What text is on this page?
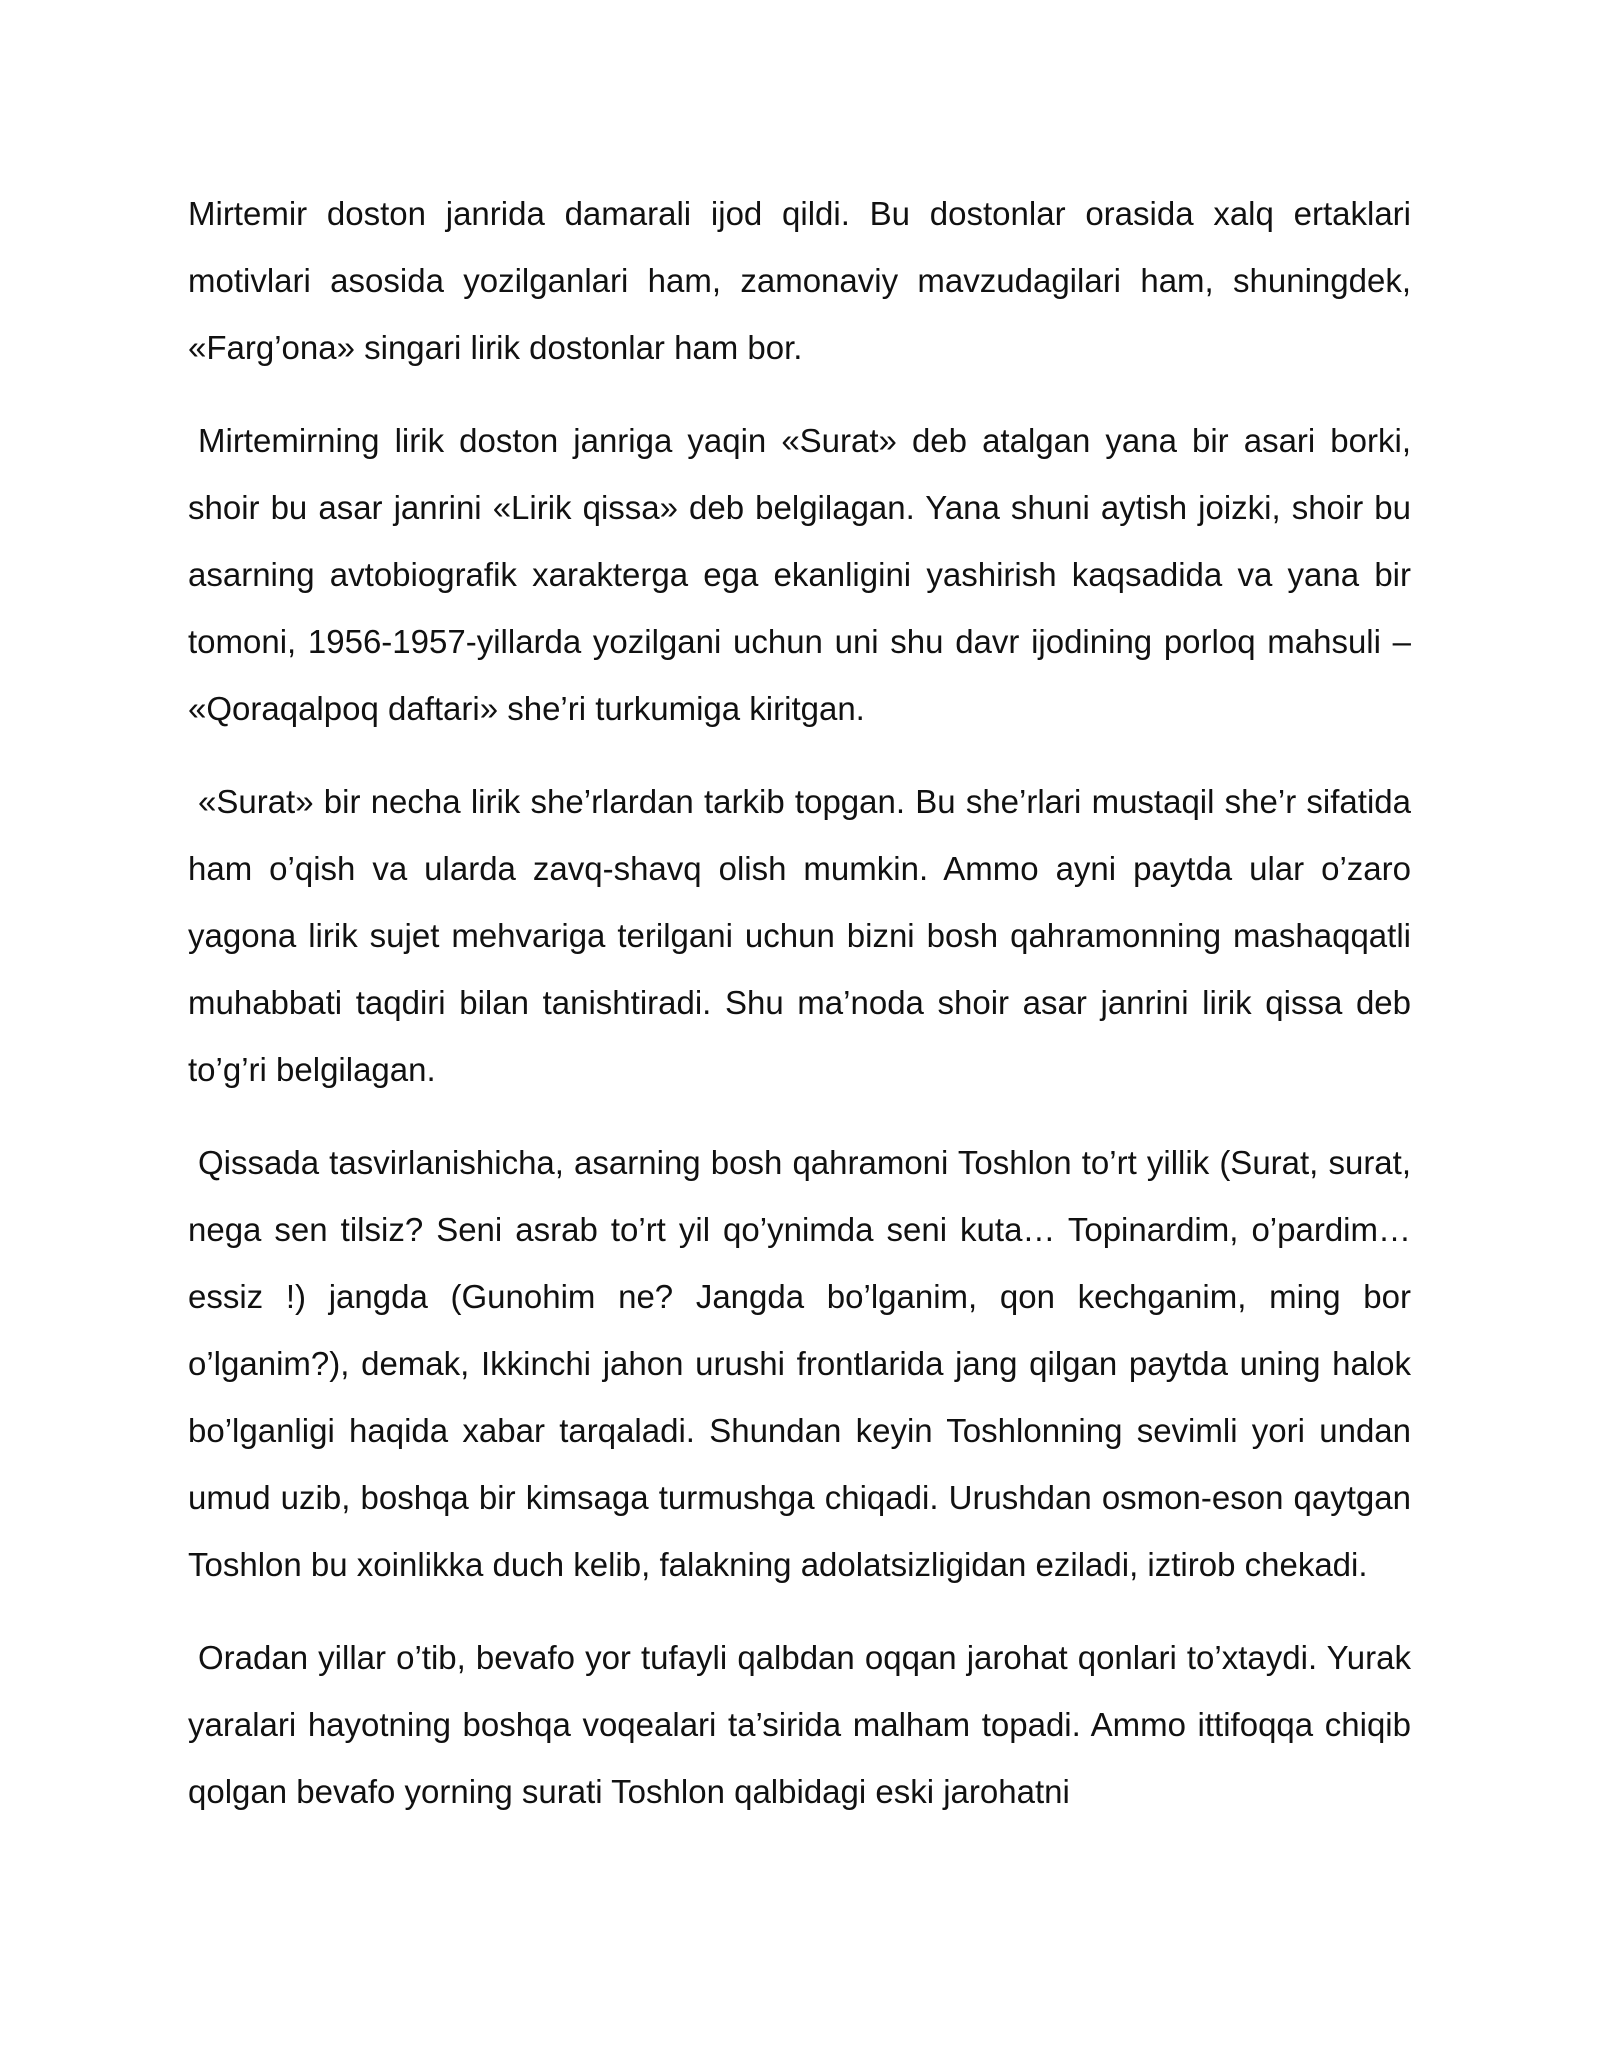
Mirtemir doston janrida damarali ijod qildi. Bu dostonlar orasida xalq ertaklari motivlari asosida yozilganlari ham, zamonaviy mavzudagilari ham, shuningdek, «Farg’ona» singari lirik dostonlar ham bor.

Mirtemirning lirik doston janriga yaqin «Surat» deb atalgan yana bir asari borki, shoir bu asar janrini «Lirik qissa» deb belgilagan. Yana shuni aytish joizki, shoir bu asarning avtobiografik xarakterga ega ekanligini yashirish kaqsadida va yana bir tomoni, 1956-1957-yillarda yozilgani uchun uni shu davr ijodining porloq mahsuli – «Qoraqalpoq daftari» she’ri turkumiga kiritgan.

«Surat» bir necha lirik she’rlardan tarkib topgan. Bu she’rlari mustaqil she’r sifatida ham o’qish va ularda zavq-shavq olish mumkin. Ammo ayni paytda ular o’zaro yagona lirik sujet mehvariga terilgani uchun bizni bosh qahramonning mashaqqatli muhabbati taqdiri bilan tanishtiradi. Shu ma’noda shoir asar janrini lirik qissa deb to’g’ri belgilagan.

Qissada tasvirlanishicha, asarning bosh qahramoni Toshlon to’rt yillik (Surat, surat, nega sen tilsiz? Seni asrab to’rt yil qo’ynimda seni kuta… Topinardim, o’pardim… essiz !) jangda (Gunohim ne? Jangda bo’lganim, qon kechganim, ming bor o’lganim?), demak, Ikkinchi jahon urushi frontlarida jang qilgan paytda uning halok bo’lganligi haqida xabar tarqaladi. Shundan keyin Toshlonning sevimli yori undan umud uzib, boshqa bir kimsaga turmushga chiqadi. Urushdan osmon-eson qaytgan Toshlon bu xoinlikka duch kelib, falakning adolatsizligidan eziladi, iztirob chekadi.

Oradan yillar o’tib, bevafo yor tufayli qalbdan oqqan jarohat qonlari to’xtaydi. Yurak yaralari hayotning boshqa voqealari ta’sirida malham topadi. Ammo ittifoqqa chiqib qolgan bevafo yorning surati Toshlon qalbidagi eski jarohatni
